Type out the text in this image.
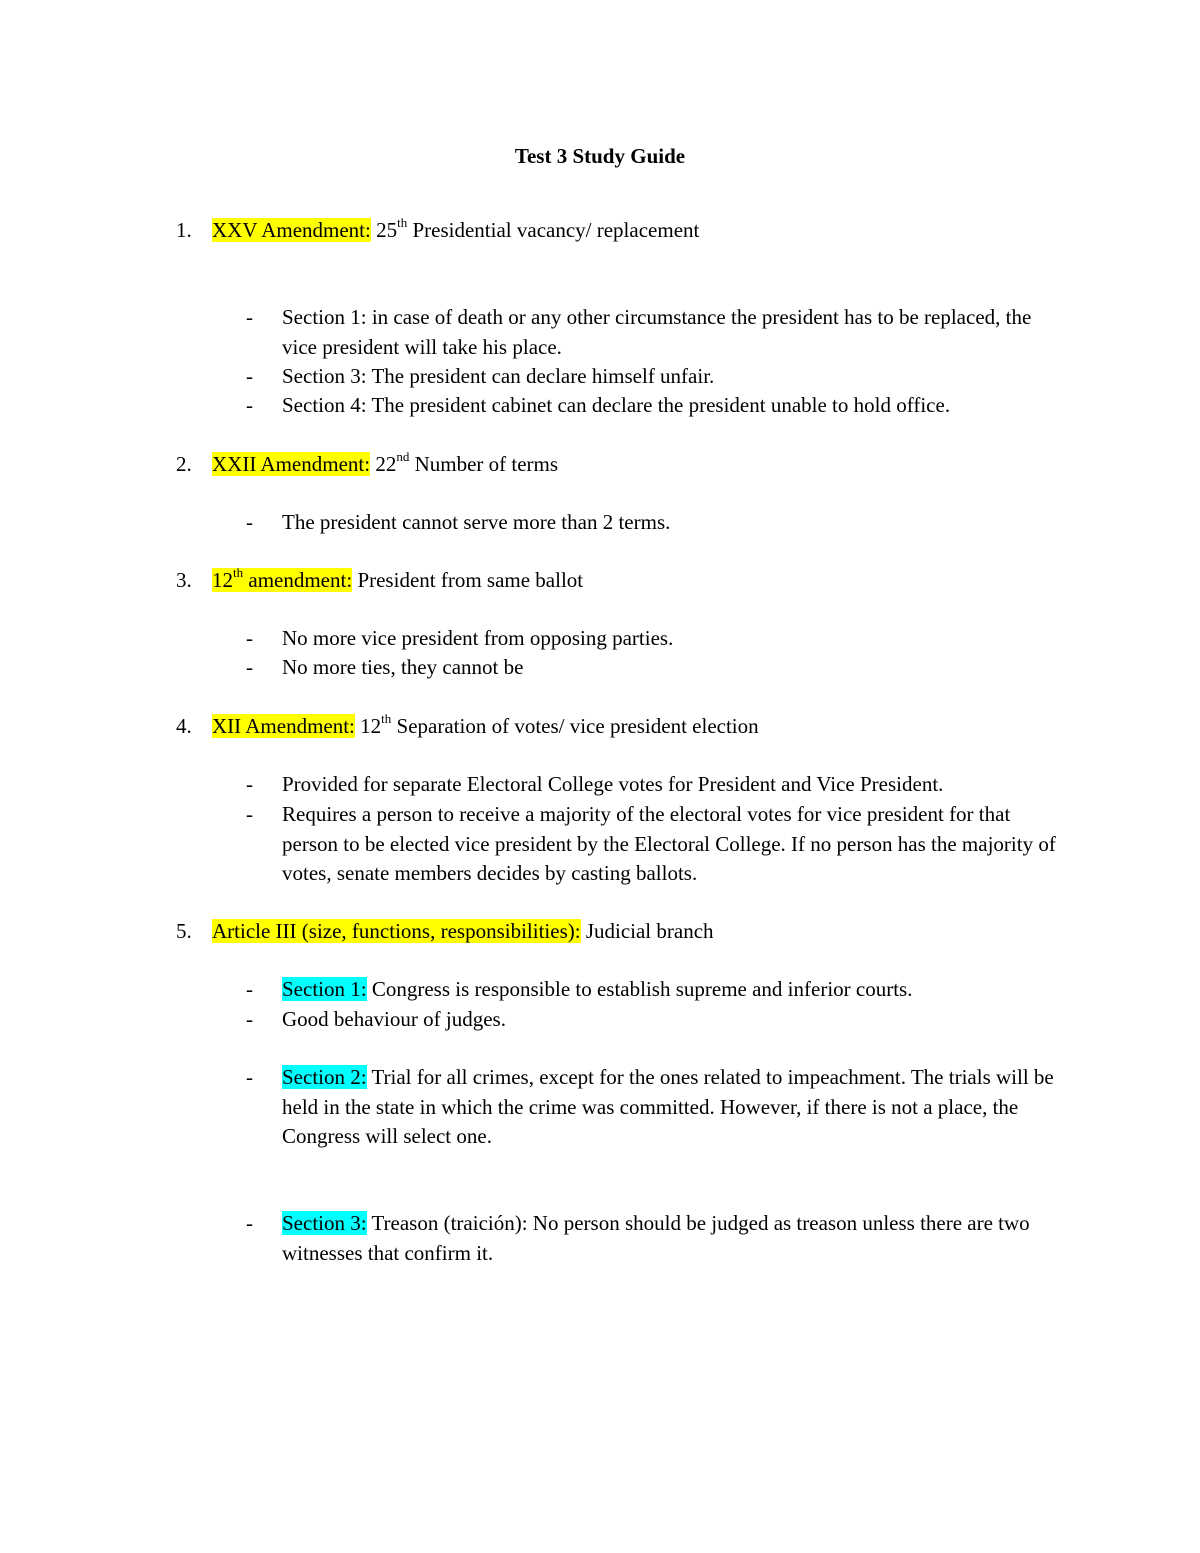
Test 3 Study Guide
1. XXV Amendment: 25th Presidential vacancy/ replacement
- Section 1: in case of death or any other circumstance the president has to be replaced, the vice president will take his place.
- Section 3: The president can declare himself unfair.
- Section 4: The president cabinet can declare the president unable to hold office.
2. XXII Amendment: 22nd Number of terms
- The president cannot serve more than 2 terms.
3. 12th amendment: President from same ballot
- No more vice president from opposing parties.
- No more ties, they cannot be
4. XII Amendment: 12th Separation of votes/ vice president election
- Provided for separate Electoral College votes for President and Vice President.
- Requires a person to receive a majority of the electoral votes for vice president for that person to be elected vice president by the Electoral College. If no person has the majority of votes, senate members decides by casting ballots.
5. Article III (size, functions, responsibilities): Judicial branch
- Section 1: Congress is responsible to establish supreme and inferior courts.
- Good behaviour of judges.
- Section 2: Trial for all crimes, except for the ones related to impeachment. The trials will be held in the state in which the crime was committed. However, if there is not a place, the Congress will select one.
- Section 3: Treason (traición): No person should be judged as treason unless there are two witnesses that confirm it.
